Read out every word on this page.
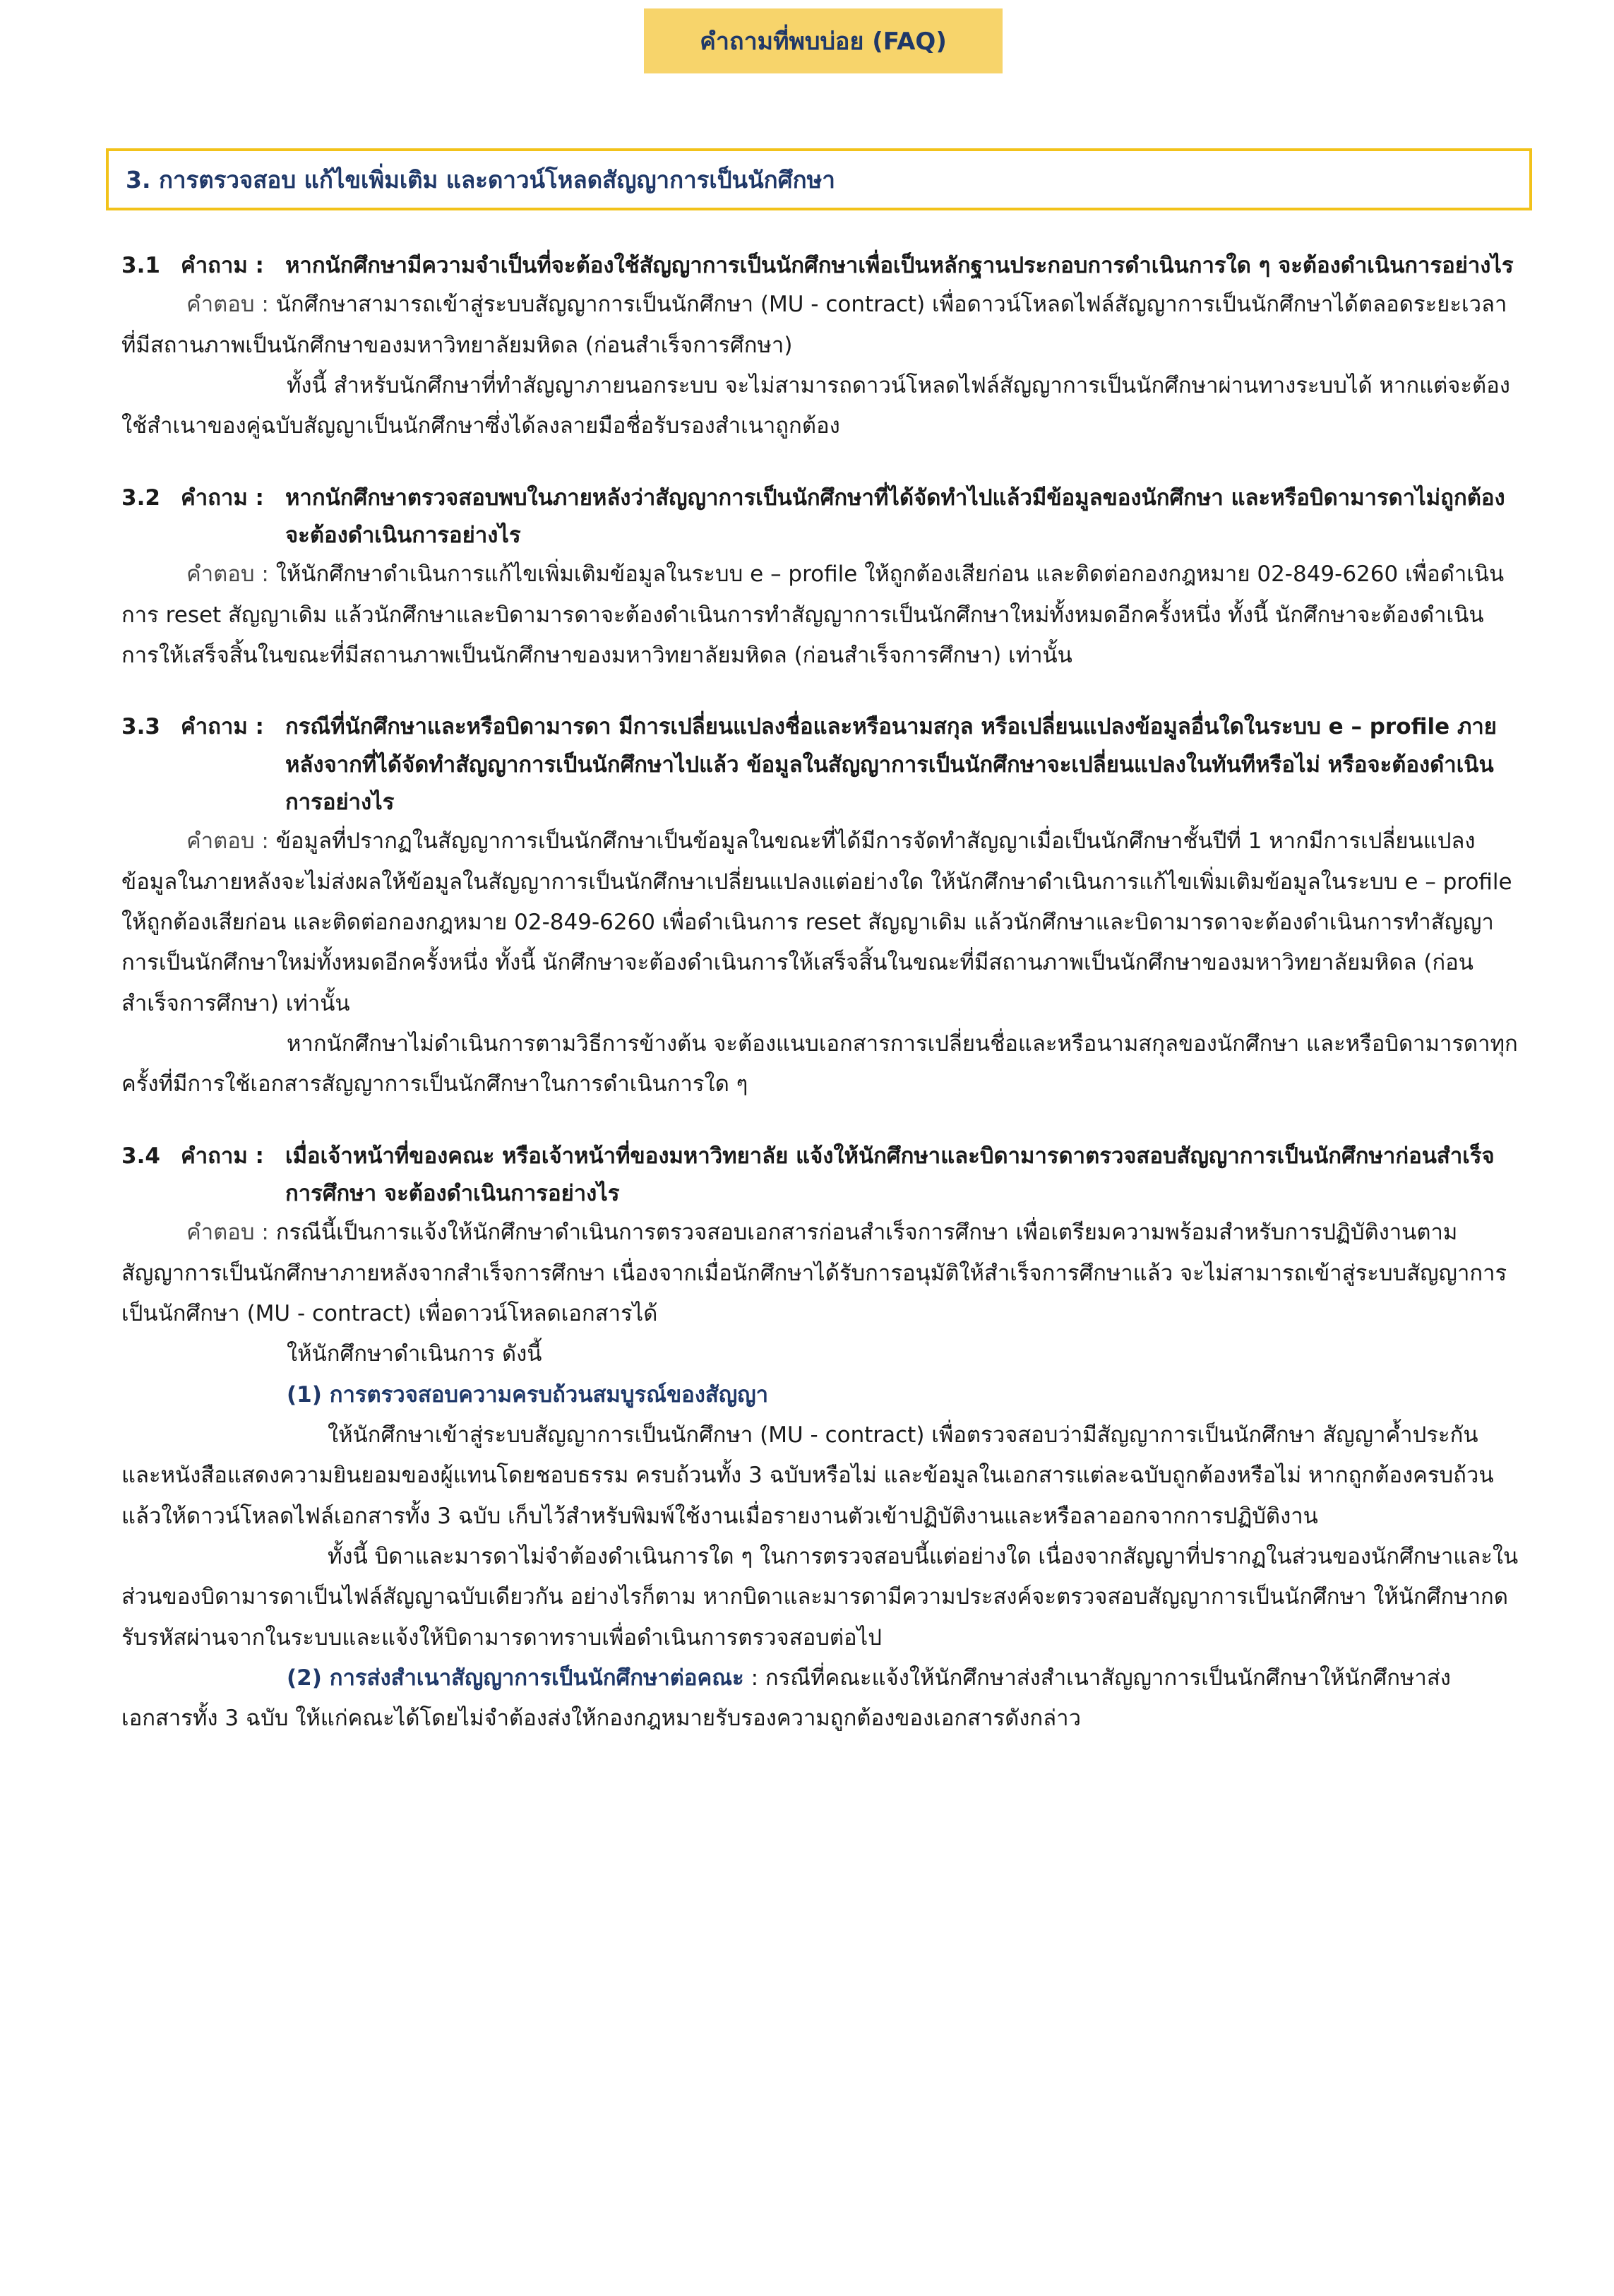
คำถามที่พบบ่อย (FAQ)
3. การตรวจสอบ แก้ไขเพิ่มเติม และดาวน์โหลดสัญญาการเป็นนักศึกษา
3.1 คำถาม : หากนักศึกษามีความจำเป็นที่จะต้องใช้สัญญาการเป็นนักศึกษาเพื่อเป็นหลักฐานประกอบการดำเนินการใด ๆ จะต้องดำเนินการอย่างไร
คำตอบ : นักศึกษาสามารถเข้าสู่ระบบสัญญาการเป็นนักศึกษา (MU - contract) เพื่อดาวน์โหลดไฟล์สัญญาการเป็นนักศึกษาได้ตลอดระยะเวลาที่มีสถานภาพเป็นนักศึกษาของมหาวิทยาลัยมหิดล (ก่อนสำเร็จการศึกษา)
ทั้งนี้ สำหรับนักศึกษาที่ทำสัญญาภายนอกระบบ จะไม่สามารถดาวน์โหลดไฟล์สัญญาการเป็นนักศึกษาผ่านทางระบบได้ หากแต่จะต้องใช้สำเนาของคู่ฉบับสัญญาเป็นนักศึกษาซึ่งได้ลงลายมือชื่อรับรองสำเนาถูกต้อง
3.2 คำถาม : หากนักศึกษาตรวจสอบพบในภายหลังว่าสัญญาการเป็นนักศึกษาที่ได้จัดทำไปแล้วมีข้อมูลของนักศึกษา และหรือบิดามารดาไม่ถูกต้อง จะต้องดำเนินการอย่างไร
คำตอบ : ให้นักศึกษาดำเนินการแก้ไขเพิ่มเติมข้อมูลในระบบ e – profile ให้ถูกต้องเสียก่อน และติดต่อกองกฎหมาย 02-849-6260 เพื่อดำเนินการ reset สัญญาเดิม แล้วนักศึกษาและบิดามารดาจะต้องดำเนินการทำสัญญาการเป็นนักศึกษาใหม่ทั้งหมดอีกครั้งหนึ่ง ทั้งนี้ นักศึกษาจะต้องดำเนินการให้เสร็จสิ้นในขณะที่มีสถานภาพเป็นนักศึกษาของมหาวิทยาลัยมหิดล (ก่อนสำเร็จการศึกษา) เท่านั้น
3.3 คำถาม : กรณีที่นักศึกษาและหรือบิดามารดา มีการเปลี่ยนแปลงชื่อและหรือนามสกุล หรือเปลี่ยนแปลงข้อมูลอื่นใดในระบบ e – profile ภายหลังจากที่ได้จัดทำสัญญาการเป็นนักศึกษาไปแล้ว ข้อมูลในสัญญาการเป็นนักศึกษาจะเปลี่ยนแปลงในทันทีหรือไม่ หรือจะต้องดำเนินการอย่างไร
คำตอบ : ข้อมูลที่ปรากฏในสัญญาการเป็นนักศึกษาเป็นข้อมูลในขณะที่ได้มีการจัดทำสัญญาเมื่อเป็นนักศึกษาชั้นปีที่ 1 หากมีการเปลี่ยนแปลงข้อมูลในภายหลังจะไม่ส่งผลให้ข้อมูลในสัญญาการเป็นนักศึกษาเปลี่ยนแปลงแต่อย่างใด ให้นักศึกษาดำเนินการแก้ไขเพิ่มเติมข้อมูลในระบบ e – profile ให้ถูกต้องเสียก่อน และติดต่อกองกฎหมาย 02-849-6260 เพื่อดำเนินการ reset สัญญาเดิม แล้วนักศึกษาและบิดามารดาจะต้องดำเนินการทำสัญญาการเป็นนักศึกษาใหม่ทั้งหมดอีกครั้งหนึ่ง ทั้งนี้ นักศึกษาจะต้องดำเนินการให้เสร็จสิ้นในขณะที่มีสถานภาพเป็นนักศึกษาของมหาวิทยาลัยมหิดล (ก่อนสำเร็จการศึกษา) เท่านั้น
หากนักศึกษาไม่ดำเนินการตามวิธีการข้างต้น จะต้องแนบเอกสารการเปลี่ยนชื่อและหรือนามสกุลของนักศึกษา และหรือบิดามารดาทุกครั้งที่มีการใช้เอกสารสัญญาการเป็นนักศึกษาในการดำเนินการใด ๆ
3.4 คำถาม : เมื่อเจ้าหน้าที่ของคณะ หรือเจ้าหน้าที่ของมหาวิทยาลัย แจ้งให้นักศึกษาและบิดามารดาตรวจสอบสัญญาการเป็นนักศึกษาก่อนสำเร็จการศึกษา จะต้องดำเนินการอย่างไร
คำตอบ : กรณีนี้เป็นการแจ้งให้นักศึกษาดำเนินการตรวจสอบเอกสารก่อนสำเร็จการศึกษา เพื่อเตรียมความพร้อมสำหรับการปฏิบัติงานตามสัญญาการเป็นนักศึกษาภายหลังจากสำเร็จการศึกษา เนื่องจากเมื่อนักศึกษาได้รับการอนุมัติให้สำเร็จการศึกษาแล้ว จะไม่สามารถเข้าสู่ระบบสัญญาการเป็นนักศึกษา (MU - contract) เพื่อดาวน์โหลดเอกสารได้
ให้นักศึกษาดำเนินการ ดังนี้
(1) การตรวจสอบความครบถ้วนสมบูรณ์ของสัญญา
ให้นักศึกษาเข้าสู่ระบบสัญญาการเป็นนักศึกษา (MU - contract) เพื่อตรวจสอบว่ามีสัญญาการเป็นนักศึกษา สัญญาค้ำประกัน และหนังสือแสดงความยินยอมของผู้แทนโดยชอบธรรม ครบถ้วนทั้ง 3 ฉบับหรือไม่ และข้อมูลในเอกสารแต่ละฉบับถูกต้องหรือไม่ หากถูกต้องครบถ้วนแล้วให้ดาวน์โหลดไฟล์เอกสารทั้ง 3 ฉบับ เก็บไว้สำหรับพิมพ์ใช้งานเมื่อรายงานตัวเข้าปฏิบัติงานและหรือลาออกจากการปฏิบัติงาน
ทั้งนี้ บิดาและมารดาไม่จำต้องดำเนินการใด ๆ ในการตรวจสอบนี้แต่อย่างใด เนื่องจากสัญญาที่ปรากฏในส่วนของนักศึกษาและในส่วนของบิดามารดาเป็นไฟล์สัญญาฉบับเดียวกัน อย่างไรก็ตาม หากบิดาและมารดามีความประสงค์จะตรวจสอบสัญญาการเป็นนักศึกษา ให้นักศึกษากดรับรหัสผ่านจากในระบบและแจ้งให้บิดามารดาทราบเพื่อดำเนินการตรวจสอบต่อไป
(2) การส่งสำเนาสัญญาการเป็นนักศึกษาต่อคณะ : กรณีที่คณะแจ้งให้นักศึกษาส่งสำเนาสัญญาการเป็นนักศึกษาให้นักศึกษาส่งเอกสารทั้ง 3 ฉบับ ให้แก่คณะได้โดยไม่จำต้องส่งให้กองกฎหมายรับรองความถูกต้องของเอกสารดังกล่าว
